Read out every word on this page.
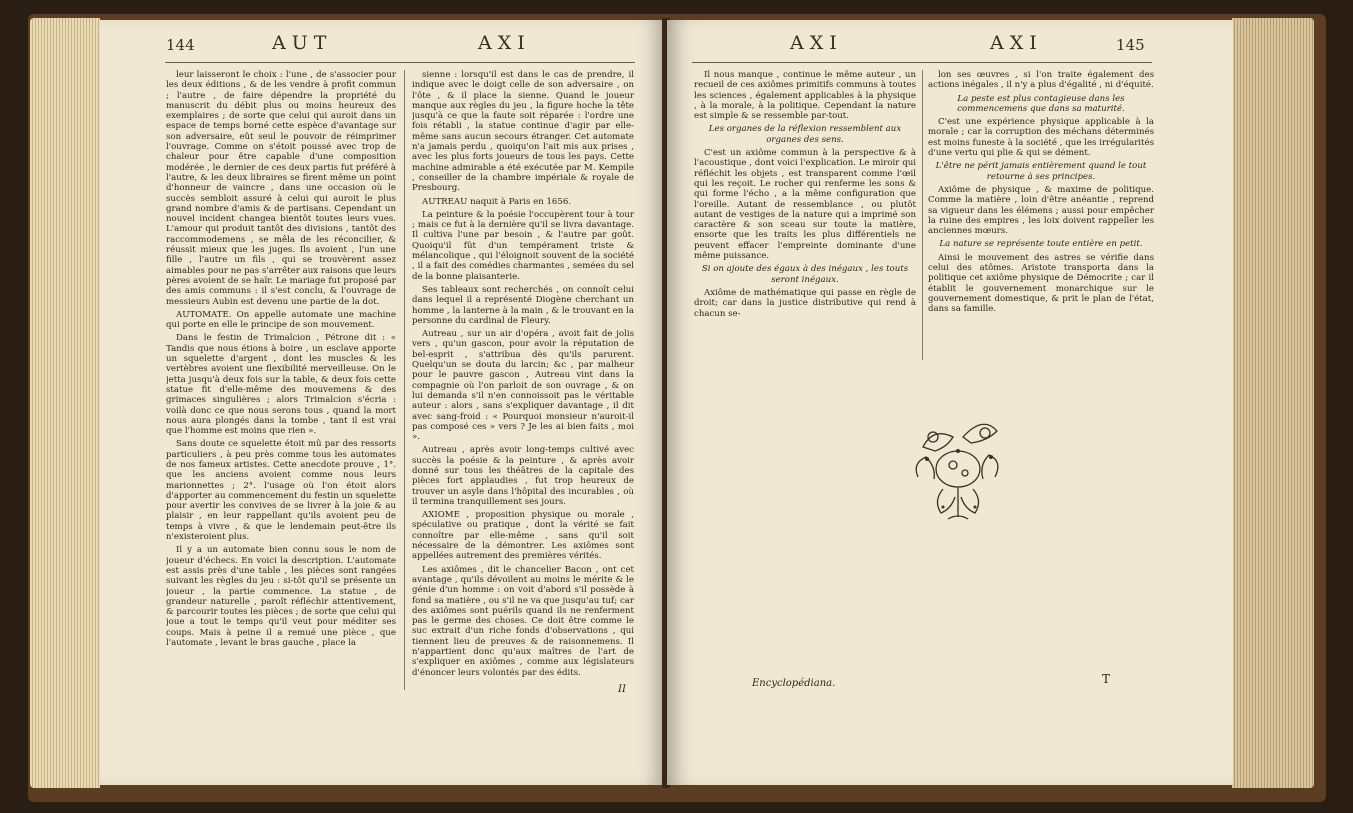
144	AUT	AXI

leur laisseront le choix : l'une , de s'associer pour les deux éditions , & de les vendre à profit commun ; l'autre , de faire dépendre la propriété du manuscrit du débit plus ou moins heureux des exemplaires ; de sorte que celui qui auroit dans un espace de temps borné cette espèce d'avantage sur son adversaire, eût seul le pouvoir de réimprimer l'ouvrage. Comme on s'étoit poussé avec trop de chaleur pour être capable d'une composition modérée , le dernier de ces deux partis fut préféré à l'autre, & les deux libraires se firent même un point d'honneur de vaincre , dans une occasion où le succès sembloit assuré à celui qui auroit le plus grand nombre d'amis & de partisans. Cependant un nouvel incident changea bientôt toutes leurs vues. L'amour qui produit tantôt des divisions , tantôt des raccommodemens , se mêla de les réconcilier, & réussit mieux que les juges. Ils avoient , l'un une fille , l'autre un fils , qui se trouvèrent assez aimables pour ne pas s'arrêter aux raisons que leurs pères avoient de se haïr. Le mariage fut proposé par des amis communs : il s'est conclu, & l'ouvrage de messieurs Aubin est devenu une partie de la dot.

AUTOMATE. On appelle automate une machine qui porte en elle le principe de son mouvement.

Dans le festin de Trimalcion , Pétrone dit : « Tandis que nous étions à boire , un esclave apporte un squelette d'argent , dont les muscles & les vertèbres avoient une flexibilité merveilleuse. On le jetta jusqu'à deux fois sur la table, & deux fois cette statue fit d'elle-même des mouvemens & des grimaces singulières ; alors Trimalcion s'écria : voilà donc ce que nous serons tous , quand la mort nous aura plongés dans la tombe , tant il est vrai que l'homme est moins que rien ».

Sans doute ce squelette étoit mû par des ressorts particuliers , à peu près comme tous les automates de nos fameux artistes. Cette anecdote prouve , 1°. que les anciens avoient comme nous leurs marionnettes ; 2°. l'usage où l'on étoit alors d'apporter au commencement du festin un squelette pour avertir les convives de se livrer à la joie & au plaisir , en leur rappellant qu'ils avoient peu de temps à vivre , & que le lendemain peut-être ils n'existeroient plus.

Il y a un automate bien connu sous le nom de joueur d'échecs. En voici la description. L'automate est assis près d'une table , les pièces sont rangées suivant les règles du jeu : si-tôt qu'il se présente un joueur , la partie commence. La statue , de grandeur naturelle , paroît réfléchir attentivement, & parcourir toutes les pièces ; de sorte que celui qui joue a tout le temps qu'il veut pour méditer ses coups. Mais à peine il a remué une pièce , que l'automate , levant le bras gauche , place la

sienne : lorsqu'il est dans le cas de prendre, il indique avec le doigt celle de son adversaire , on l'ôte , & il place la sienne. Quand le joueur manque aux règles du jeu , la figure hoche la tête jusqu'à ce que la faute soit réparée : l'ordre une fois rétabli , la statue continue d'agir par elle-même sans aucun secours étranger. Cet automate n'a jamais perdu , quoiqu'on l'ait mis aux prises , avec les plus forts joueurs de tous les pays. Cette machine admirable a été exécutée par M. Kempile , conseiller de la chambre impériale & royale de Presbourg.

AUTREAU naquit à Paris en 1656.

La peinture & la poésie l'occupèrent tour à tour ; mais ce fut à la dernière qu'il se livra davantage. Il cultiva l'une par besoin , & l'autre par goût. Quoiqu'il fût d'un tempérament triste & mélancolique , qui l'éloignoit souvent de la société , il a fait des comédies charmantes , semées du sel de la bonne plaisanterie.

Ses tableaux sont recherchés , on connoît celui dans lequel il a représenté Diogène cherchant un homme , la lanterne à la main , & le trouvant en la personne du cardinal de Fleury.

Autreau , sur un air d'opéra , avoit fait de jolis vers , qu'un gascon, pour avoir la réputation de bel-esprit , s'attribua dès qu'ils parurent. Quelqu'un se douta du larcin; &c , par malheur pour le pauvre gascon , Autreau vint dans la compagnie où l'on parloit de son ouvrage , & on lui demanda s'il n'en connoissoit pas le véritable auteur : alors , sans s'expliquer davantage , il dit avec sang-froid : « Pourquoi monsieur n'auroit-il pas composé ces » vers ? Je les ai bien faits , moi ».

Autreau , après avoir long-temps cultivé avec succès la poésie & la peinture , & après avoir donné sur tous les théâtres de la capitale des pièces fort applaudies , fut trop heureux de trouver un asyle dans l'hôpital des incurables , où il termina tranquillement ses jours.

AXIOME , proposition physique ou morale , spéculative ou pratique , dont la vérité se fait connoître par elle-même , sans qu'il soit nécessaire de la démontrer. Les axiômes sont appellées autrement des premières vérités.

Les axiômes , dit le chancelier Bacon , ont cet avantage , qu'ils dévoilent au moins le mérite & le génie d'un homme : on voit d'abord s'il possède à fond sa matière , ou s'il ne va que jusqu'au tuf; car des axiômes sont puérils quand ils ne renferment pas le germe des choses. Ce doit être comme le suc extrait d'un riche fonds d'observations , qui tiennent lieu de preuves & de raisonnemens. Il n'appartient donc qu'aux maîtres de l'art de s'expliquer en axiômes , comme aux législateurs d'énoncer leurs volontés par des édits.

II
AXI	AXI	145

Il nous manque , continue le même auteur , un recueil de ces axiômes primitifs communs à toutes les sciences , également applicables à la physique , à la morale, à la politique. Cependant la nature est simple & se ressemble par-tout.

Les organes de la réflexion ressemblent aux organes des sens.

C'est un axiôme commun à la perspective & à l'acoustique , dont voici l'explication. Le miroir qui réfléchit les objets , est transparent comme l'œil qui les reçoit. Le rocher qui renferme les sons & qui forme l'écho , a la même configuration que l'oreille. Autant de ressemblance , ou plutôt autant de vestiges de la nature qui a imprimé son caractère & son sceau sur toute la matière, ensorte que les traits les plus différentiels ne peuvent effacer l'empreinte dominante d'une même puissance.

Si on ajoute des égaux à des inégaux , les touts seront inégaux.

Axiôme de mathématique qui passe en règle de droit; car dans la justice distributive qui rend à chacun se-

lon ses œuvres , si l'on traite également des actions inégales , il n'y a plus d'égalité , ni d'équité.

La peste est plus contagieuse dans les commencemens que dans sa maturité.

C'est une expérience physique applicable à la morale ; car la corruption des méchans déterminés est moins funeste à la société , que les irrégularités d'une vertu qui plie & qui se dément.

L'être ne périt jamais entièrement quand le tout retourne à ses principes.

Axiôme de physique , & maxime de politique. Comme la matière , loin d'être anéantie , reprend sa vigueur dans les élémens ; aussi pour empêcher la ruine des empires , les loix doivent rappeller les anciennes mœurs.

La nature se représente toute entière en petit.

Ainsi le mouvement des astres se vérifie dans celui des atômes. Aristote transporta dans la politique cet axiôme physique de Démocrite ; car il établit le gouvernement monarchique sur le gouvernement domestique, & prit le plan de l'état, dans sa famille.

Encyclopédiana.	T
